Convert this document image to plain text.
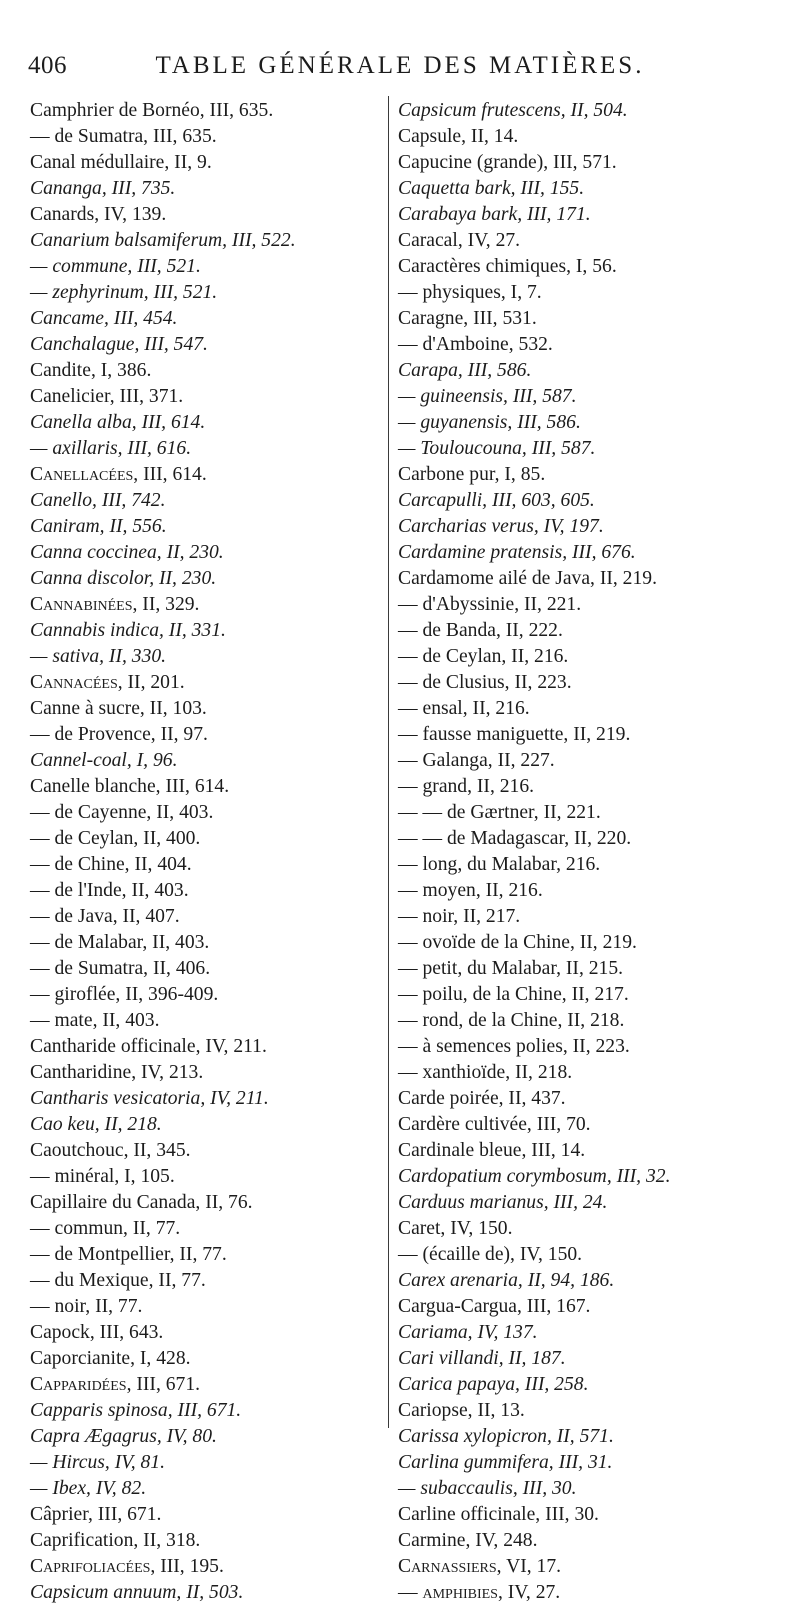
406	TABLE GÉNÉRALE DES MATIÈRES.
Camphrier de Bornéo, III, 635.
— de Sumatra, III, 635.
Canal médullaire, II, 9.
Cananga, III, 735.
Canards, IV, 139.
Canarium balsamiferum, III, 522.
— commune, III, 521.
— zephyrinum, III, 521.
Cancame, III, 454.
Canchalague, III, 547.
Candite, I, 386.
Canelicier, III, 371.
Canella alba, III, 614.
— axillaris, III, 616.
Canellacées, III, 614.
Canello, III, 742.
Caniram, II, 556.
Canna coccinea, II, 230.
Canna discolor, II, 230.
Cannabinées, II, 329.
Cannabis indica, II, 331.
— sativa, II, 330.
Cannacées, II, 201.
Canne à sucre, II, 103.
— de Provence, II, 97.
Cannel-coal, I, 96.
Canelle blanche, III, 614.
— de Cayenne, II, 403.
— de Ceylan, II, 400.
— de Chine, II, 404.
— de l'Inde, II, 403.
— de Java, II, 407.
— de Malabar, II, 403.
— de Sumatra, II, 406.
— giroflée, II, 396-409.
— mate, II, 403.
Cantharide officinale, IV, 211.
Cantharidine, IV, 213.
Cantharis vesicatoria, IV, 211.
Cao keu, II, 218.
Caoutchouc, II, 345.
— minéral, I, 105.
Capillaire du Canada, II, 76.
— commun, II, 77.
— de Montpellier, II, 77.
— du Mexique, II, 77.
— noir, II, 77.
Capock, III, 643.
Caporcianite, I, 428.
Capparidées, III, 671.
Capparis spinosa, III, 671.
Capra Ægagrus, IV, 80.
— Hircus, IV, 81.
— Ibex, IV, 82.
Câprier, III, 671.
Caprification, II, 318.
Caprifoliacées, III, 195.
Capsicum annuum, II, 503.
Capsicum frutescens, II, 504.
Capsule, II, 14.
Capucine (grande), III, 571.
Caquetta bark, III, 155.
Carabaya bark, III, 171.
Caracal, IV, 27.
Caractères chimiques, I, 56.
— physiques, I, 7.
Caragne, III, 531.
— d'Amboine, 532.
Carapa, III, 586.
— guineensis, III, 587.
— guyanensis, III, 586.
— Touloucouna, III, 587.
Carbone pur, I, 85.
Carcapulli, III, 603, 605.
Carcharias verus, IV, 197.
Cardamine pratensis, III, 676.
Cardamome ailé de Java, II, 219.
— d'Abyssinie, II, 221.
— de Banda, II, 222.
— de Ceylan, II, 216.
— de Clusius, II, 223.
— ensal, II, 216.
— fausse maniguette, II, 219.
— Galanga, II, 227.
— grand, II, 216.
— — de Gærtner, II, 221.
— — de Madagascar, II, 220.
— long, du Malabar, 216.
— moyen, II, 216.
— noir, II, 217.
— ovoïde de la Chine, II, 219.
— petit, du Malabar, II, 215.
— poilu, de la Chine, II, 217.
— rond, de la Chine, II, 218.
— à semences polies, II, 223.
— xanthioïde, II, 218.
Carde poirée, II, 437.
Cardère cultivée, III, 70.
Cardinale bleue, III, 14.
Cardopatium corymbosum, III, 32.
Carduus marianus, III, 24.
Caret, IV, 150.
— (écaille de), IV, 150.
Carex arenaria, II, 94, 186.
Cargua-Cargua, III, 167.
Cariama, IV, 137.
Cari villandi, II, 187.
Carica papaya, III, 258.
Cariopse, II, 13.
Carissa xylopicron, II, 571.
Carlina gummifera, III, 31.
— subaccaulis, III, 30.
Carline officinale, III, 30.
Carmine, IV, 248.
Carnassiers, VI, 17.
— amphibies, IV, 27.
